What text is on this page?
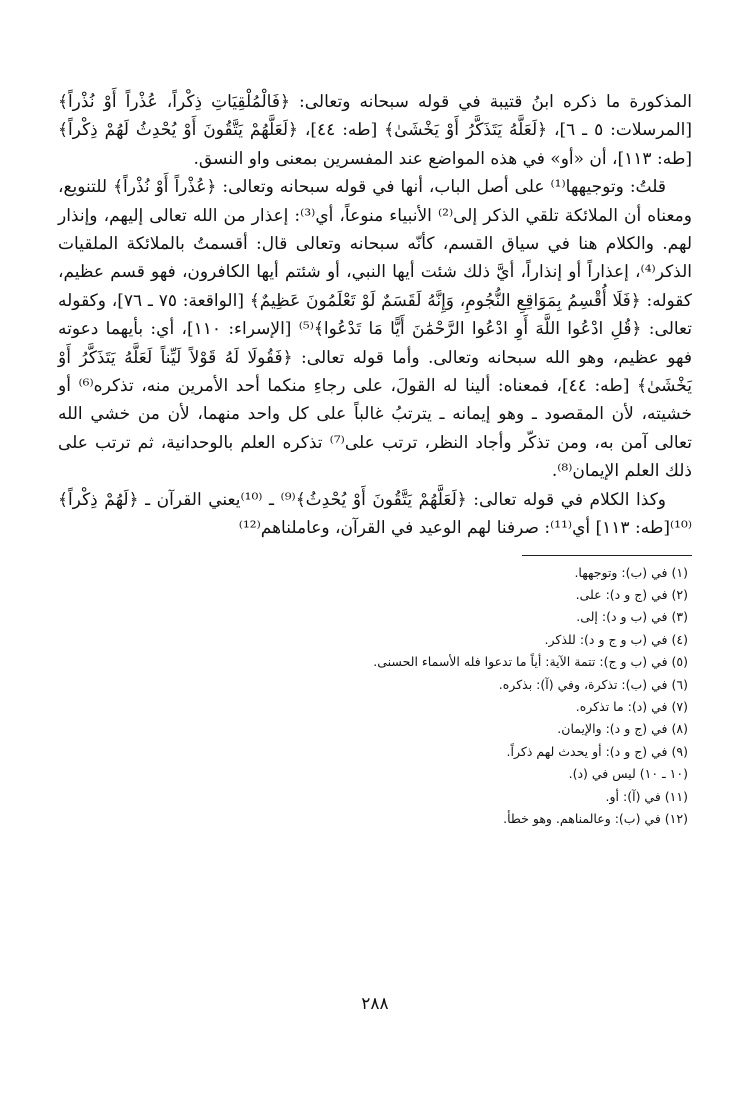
المذكورة ما ذكره ابنُ قتيبة في قوله سبحانه وتعالى: ﴿فَالْمُلْقِيَاتِ ذِكْراً، عُذْراً أَوْ نُذْراً﴾ [المرسلات: ٥ ـ ٦]، ﴿لَعَلَّهُ يَتَذَكَّرُ أَوْ يَخْشَىٰ﴾ [طه: ٤٤]، ﴿لَعَلَّهُمْ يَتَّقُونَ أَوْ يُحْدِثُ لَهُمْ ذِكْراً﴾ [طه: ١١٣]، أن «أو» في هذه المواضع عند المفسرين بمعنى واو النسق.

قلتُ: وتوجيهها⁽¹⁾ على أصل الباب، أنها في قوله سبحانه وتعالى: ﴿عُذْراً أَوْ نُذْراً﴾ للتنويع، ومعناه أن الملائكة تلقي الذكر إلى⁽²⁾ الأنبياء منوعاً، أي⁽³⁾: إعذار من الله تعالى إليهم، وإنذار لهم. والكلام هنا في سياق القسم، كأنّه سبحانه وتعالى قال: أقسمتُ بالملائكة الملقيات الذكر⁽⁴⁾، إعذاراً أو إنذاراً، أيَّ ذلك شئت أيها النبي، أو شئتم أيها الكافرون، فهو قسم عظيم، كقوله: ﴿فَلَا أُقْسِمُ بِمَوَاقِعِ النُّجُومِ، وَإِنَّهُ لَقَسَمٌ لَوْ تَعْلَمُونَ عَظِيمٌ﴾ [الواقعة: ٧٥ ـ ٧٦]، وكقوله تعالى: ﴿قُلِ ادْعُوا اللَّهَ أَوِ ادْعُوا الرَّحْمَٰنَ أَيًّا مَا تَدْعُوا﴾⁽⁵⁾ [الإسراء: ١١٠]، أي: بأيهما دعوته فهو عظيم، وهو الله سبحانه وتعالى. وأما قوله تعالى: ﴿فَقُولَا لَهُ قَوْلاً لَيِّناً لَعَلَّهُ يَتَذَكَّرُ أَوْ يَخْشَىٰ﴾ [طه: ٤٤]، فمعناه: ألينا له القولَ، على رجاءِ منكما أحد الأمرين منه، تذكره⁽⁶⁾ أو خشيته، لأن المقصود ـ وهو إيمانه ـ يترتبُ غالباً على كل واحد منهما، لأن من خشي الله تعالى آمن به، ومن تذكّر وأجاد النظر، ترتب على⁽⁷⁾ تذكره العلم بالوحدانية، ثم ترتب على ذلك العلم الإيمان⁽⁸⁾.

وكذا الكلام في قوله تعالى: ﴿لَعَلَّهُمْ يَتَّقُونَ أَوْ يُحْدِثُ﴾⁽⁹⁾ ـ ⁽¹⁰⁾يعني القرآن ـ ﴿لَهُمْ ذِكْراً﴾⁽¹⁰⁾[طه: ١١٣] أي⁽¹¹⁾: صرفنا لهم الوعيد في القرآن، وعاملناهم⁽¹²⁾

(١) في (ب): وتوجهها.
(٢) في (ج و د): على.
(٣) في (ب و د): إلى.
(٤) في (ب و ج و د): للذكر.
(٥) في (ب و ج): تتمة الآية: أياً ما تدعوا فله الأسماء الحسنى.
(٦) في (ب): تذكرة، وفي (آ): بذكره.
(٧) في (د): ما تذكره.
(٨) في (ج و د): والإيمان.
(٩) في (ج و د): أو يحدث لهم ذكراً.
(١٠ ـ ١٠) ليس في (د).
(١١) في (آ): أو.
(١٢) في (ب): وعالمناهم. وهو خطأ.
٢٨٨
